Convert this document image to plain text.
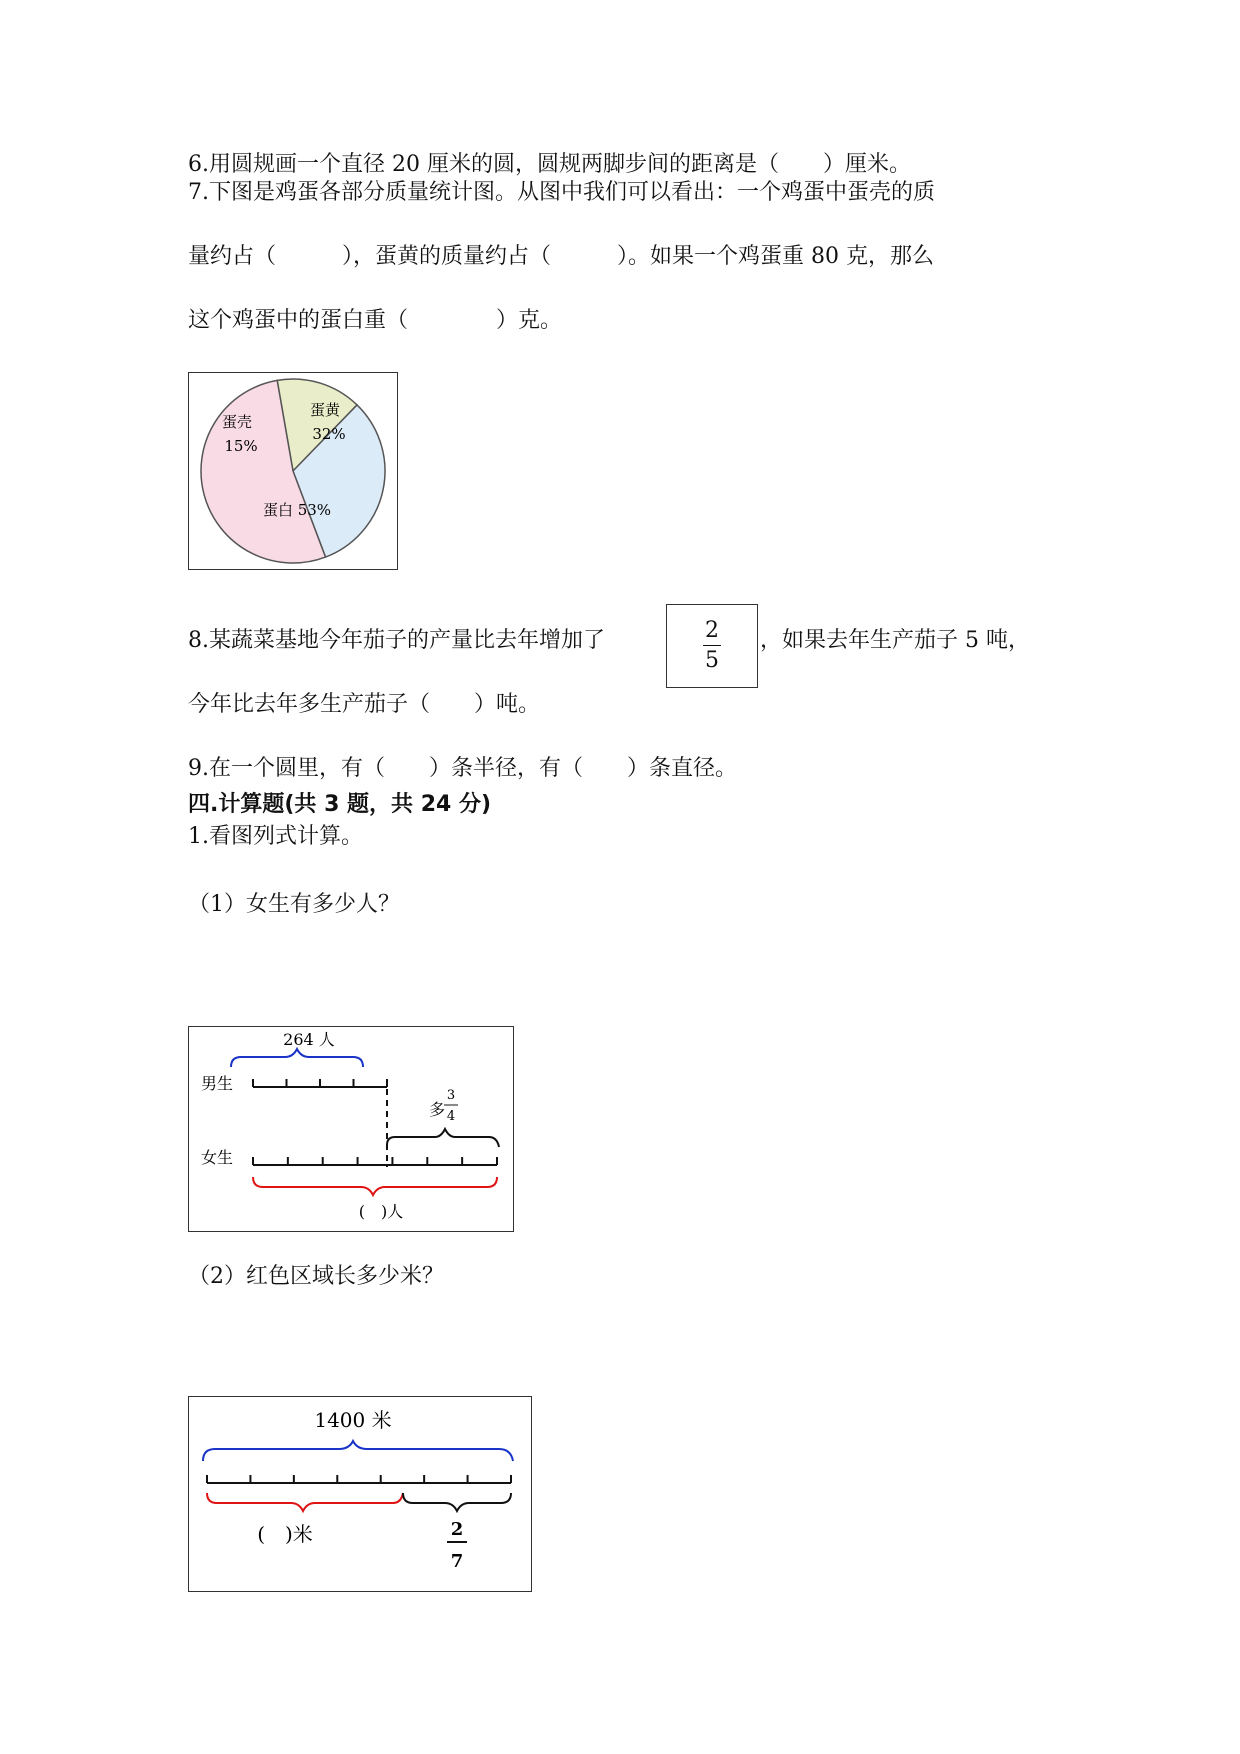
6.用圆规画一个直径 20 厘米的圆，圆规两脚步间的距离是（　　）厘米。
7.下图是鸡蛋各部分质量统计图。从图中我们可以看出：一个鸡蛋中蛋壳的质
量约占（　　　），蛋黄的质量约占（　　　）。如果一个鸡蛋重 80 克，那么
这个鸡蛋中的蛋白重（　　　　）克。
蛋壳
15%
蛋黄
32%
蛋白 53%
8.某蔬菜基地今年茄子的产量比去年增加了	2
5
，如果去年生产茄子 5 吨，
今年比去年多生产茄子（　　）吨。
9.在一个圆里，有（　　）条半径，有（　　）条直径。
四.计算题(共 3 题，共 24 分)
1.看图列式计算。
（1）女生有多少人？
264 人
男生
多
3
4
女生
(　)人
（2）红色区域长多少米？
1400 米
(　)米	2
7
